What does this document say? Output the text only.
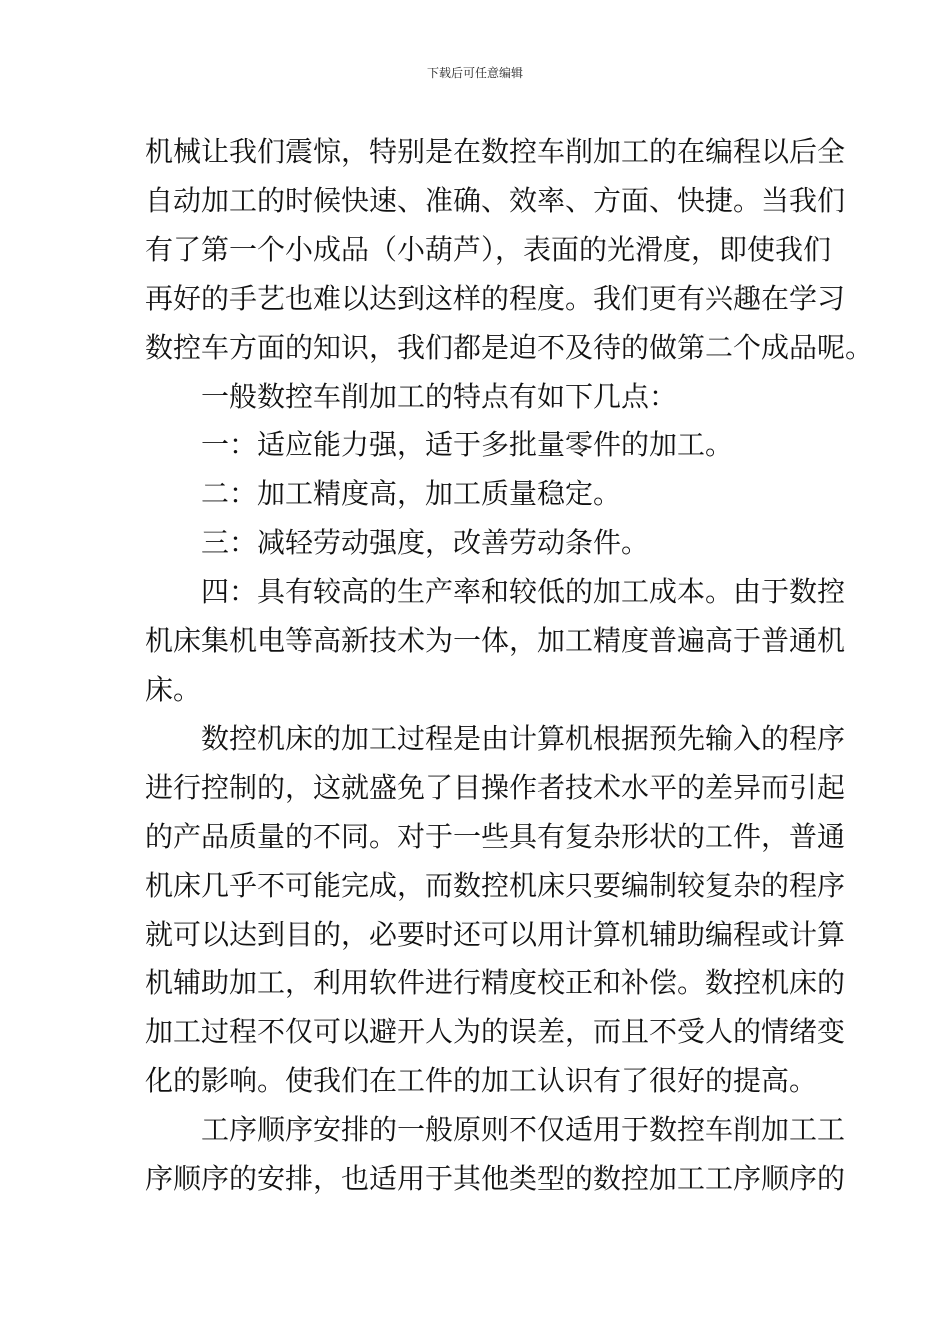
下载后可任意编辑

机械让我们震惊，特别是在数控车削加工的在编程以后全
自动加工的时候快速、准确、效率、方面、快捷。当我们
有了第一个小成品（小葫芦），表面的光滑度，即使我们
再好的手艺也难以达到这样的程度。我们更有兴趣在学习
数控车方面的知识，我们都是迫不及待的做第二个成品呢。

一般数控车削加工的特点有如下几点：

一：适应能力强，适于多批量零件的加工。

二：加工精度高，加工质量稳定。

三：减轻劳动强度，改善劳动条件。

四：具有较高的生产率和较低的加工成本。由于数控
机床集机电等高新技术为一体，加工精度普遍高于普通机
床。

数控机床的加工过程是由计算机根据预先输入的程序
进行控制的，这就盛免了目操作者技术水平的差异而引起
的产品质量的不同。对于一些具有复杂形状的工件，普通
机床几乎不可能完成，而数控机床只要编制较复杂的程序
就可以达到目的，必要时还可以用计算机辅助编程或计算
机辅助加工，利用软件进行精度校正和补偿。数控机床的
加工过程不仅可以避开人为的误差，而且不受人的情绪变
化的影响。使我们在工件的加工认识有了很好的提高。

工序顺序安排的一般原则不仅适用于数控车削加工工
序顺序的安排，也适用于其他类型的数控加工工序顺序的
